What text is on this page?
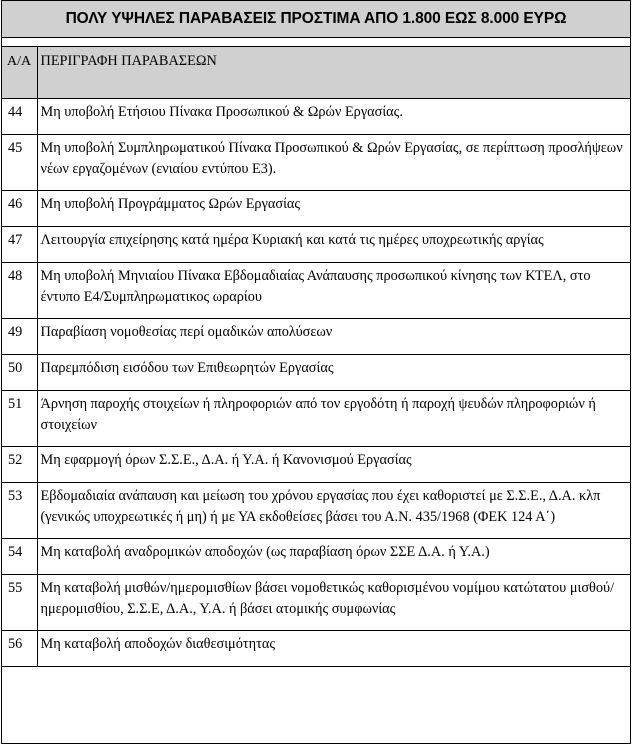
ΠΟΛΥ ΥΨΗΛΕΣ ΠΑΡΑΒΑΣΕΙΣ ΠΡΟΣΤΙΜΑ ΑΠΟ 1.800 ΕΩΣ 8.000 ΕΥΡΩ
Α/Α	ΠΕΡΙΓΡΑΦΗ ΠΑΡΑΒΑΣΕΩΝ
44	Μη υποβολή Ετήσιου Πίνακα Προσωπικού & Ωρών Εργασίας.
45	Μη υποβολή Συμπληρωματικού Πίνακα Προσωπικού & Ωρών Εργασίας, σε περίπτωση προσλήψεων νέων εργαζομένων (ενιαίου εντύπου Ε3).
46	Μη υποβολή Προγράμματος Ωρών Εργασίας
47	Λειτουργία επιχείρησης κατά ημέρα Κυριακή και κατά τις ημέρες υποχρεωτικής αργίας
48	Μη υποβολή Μηνιαίου Πίνακα Εβδομαδιαίας Ανάπαυσης προσωπικού κίνησης των ΚΤΕΛ, στο έντυπο Ε4/Συμπληρωματικος ωραρίου
49	Παραβίαση νομοθεσίας περί ομαδικών απολύσεων
50	Παρεμπόδιση εισόδου των Επιθεωρητών Εργασίας
51	Άρνηση παροχής στοιχείων ή πληροφοριών από τον εργοδότη ή παροχή ψευδών πληροφοριών ή στοιχείων
52	Μη εφαρμογή όρων Σ.Σ.Ε., Δ.Α. ή Υ.Α. ή Κανονισμού Εργασίας
53	Εβδομαδιαία ανάπαυση και μείωση του χρόνου εργασίας που έχει καθοριστεί με Σ.Σ.Ε., Δ.Α. κλπ (γενικώς υποχρεωτικές ή μη) ή με ΥΑ εκδοθείσες βάσει του Α.Ν. 435/1968 (ΦΕΚ 124 Α΄)
54	Μη καταβολή αναδρομικών αποδοχών (ως παραβίαση όρων ΣΣΕ Δ.Α. ή Υ.Α.)
55	Μη καταβολή μισθών/ημερομισθίων βάσει νομοθετικώς καθορισμένου νομίμου κατώτατου μισθού/ημερομισθίου, Σ.Σ.Ε, Δ.Α., Υ.Α. ή βάσει ατομικής συμφωνίας
56	Μη καταβολή αποδοχών διαθεσιμότητας
